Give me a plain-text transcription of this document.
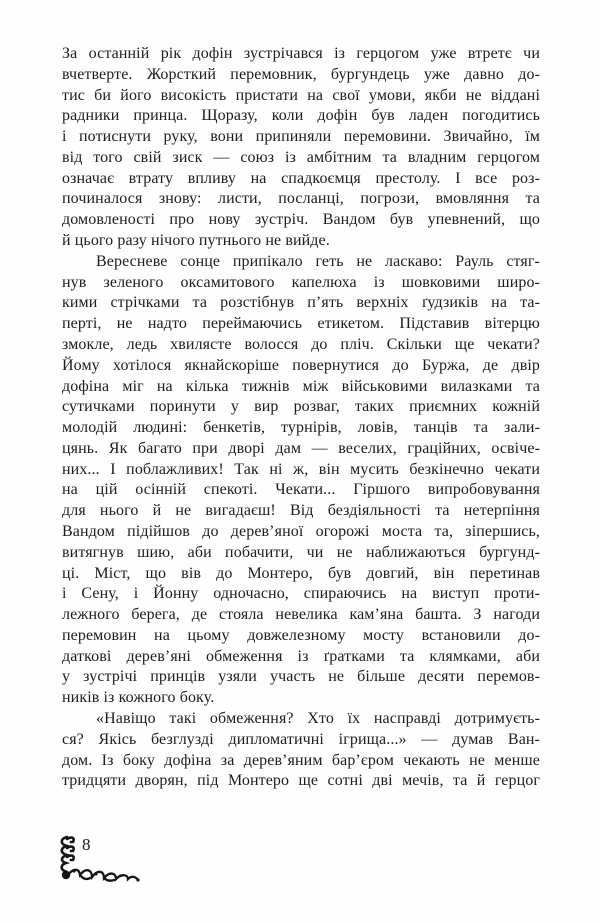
За останній рік дофін зустрічався із герцогом уже втретє чи
вчетверте. Жорсткий перемовник, бургундець уже давно до-
тис би його високість пристати на свої умови, якби не віддані
радники принца. Щоразу, коли дофін був ладен погодитись
і потиснути руку, вони припиняли перемовини. Звичайно, їм
від того свій зиск — союз із амбітним та владним герцогом
означає втрату впливу на спадкоємця престолу. І все роз-
починалося знову: листи, посланці, погрози, вмовляння та
домовленості про нову зустріч. Вандом був упевнений, що
й цього разу нічого путнього не вийде.
Вересневе сонце припікало геть не ласкаво: Рауль стяг-
нув зеленого оксамитового капелюха із шовковими широ-
кими стрічками та розстібнув п’ять верхніх ґудзиків на та-
перті, не надто переймаючись етикетом. Підставив вітерцю
змокле, ледь хвилясте волосся до пліч. Скільки ще чекати?
Йому хотілося якнайскоріше повернутися до Буржа, де двір
дофіна міг на кілька тижнів між військовими вилазками та
сутичками поринути у вир розваг, таких приємних кожній
молодій людині: бенкетів, турнірів, ловів, танців та зали-
цянь. Як багато при дворі дам — веселих, граційних, освіче-
них... І поблажливих! Так ні ж, він мусить безкінечно чекати
на цій осінній спекоті. Чекати... Гіршого випробовування
для нього й не вигадаєш! Від бездіяльності та нетерпіння
Вандом підійшов до дерев’яної огорожі моста та, зіпершись,
витягнув шию, аби побачити, чи не наближаються бургунд-
ці. Міст, що вів до Монтеро, був довгий, він перетинав
і Сену, і Йонну одночасно, спираючись на виступ проти-
лежного берега, де стояла невелика кам’яна башта. З нагоди
перемовин на цьому довжелезному мосту встановили до-
даткові дерев’яні обмеження із ґратками та клямками, аби
у зустрічі принців узяли участь не більше десяти перемов-
ників із кожного боку.
«Навіщо такі обмеження? Хто їх насправді дотримуєть-
ся? Якісь безглузді дипломатичні ігрища...» — думав Ван-
дом. Із боку дофіна за дерев’яним бар’єром чекають не менше
тридцяти дворян, під Монтеро ще сотні дві мечів, та й герцог
8
